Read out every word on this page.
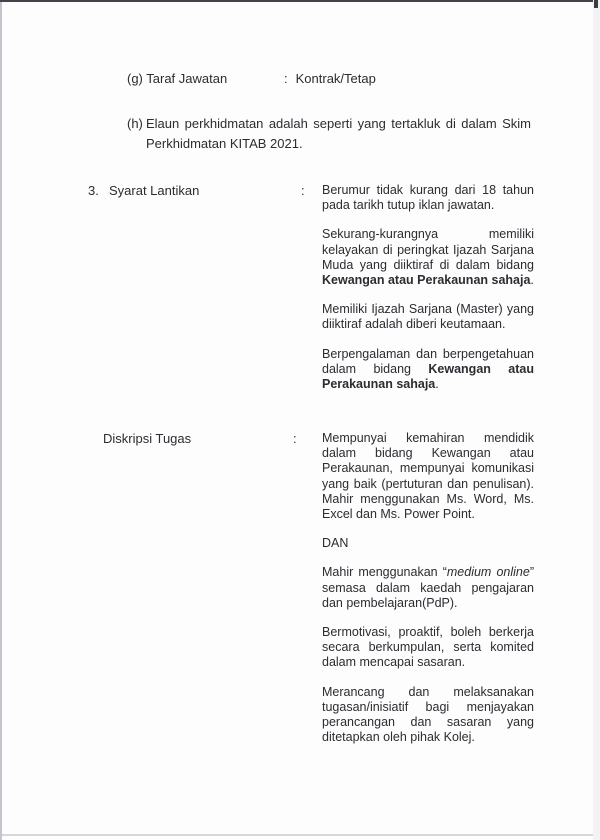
(g) Taraf Jawatan	: Kontrak/Tetap
(h) Elaun perkhidmatan adalah seperti yang tertakluk di dalam Skim Perkhidmatan KITAB 2021.

3. Syarat Lantikan	: Berumur tidak kurang dari 18 tahun pada tarikh tutup iklan jawatan.

Sekurang-kurangnya memiliki kelayakan di peringkat Ijazah Sarjana Muda yang diiktiraf di dalam bidang Kewangan atau Perakaunan sahaja.

Memiliki Ijazah Sarjana (Master) yang diiktiraf adalah diberi keutamaan.

Berpengalaman dan berpengetahuan dalam bidang Kewangan atau Perakaunan sahaja.

Diskripsi Tugas	: Mempunyai kemahiran mendidik dalam bidang Kewangan atau Perakaunan, mempunyai komunikasi yang baik (pertuturan dan penulisan). Mahir menggunakan Ms. Word, Ms. Excel dan Ms. Power Point.

DAN

Mahir menggunakan “medium online” semasa dalam kaedah pengajaran dan pembelajaran(PdP).

Bermotivasi, proaktif, boleh berkerja secara berkumpulan, serta komited dalam mencapai sasaran.

Merancang dan melaksanakan tugasan/inisiatif bagi menjayakan perancangan dan sasaran yang ditetapkan oleh pihak Kolej.
